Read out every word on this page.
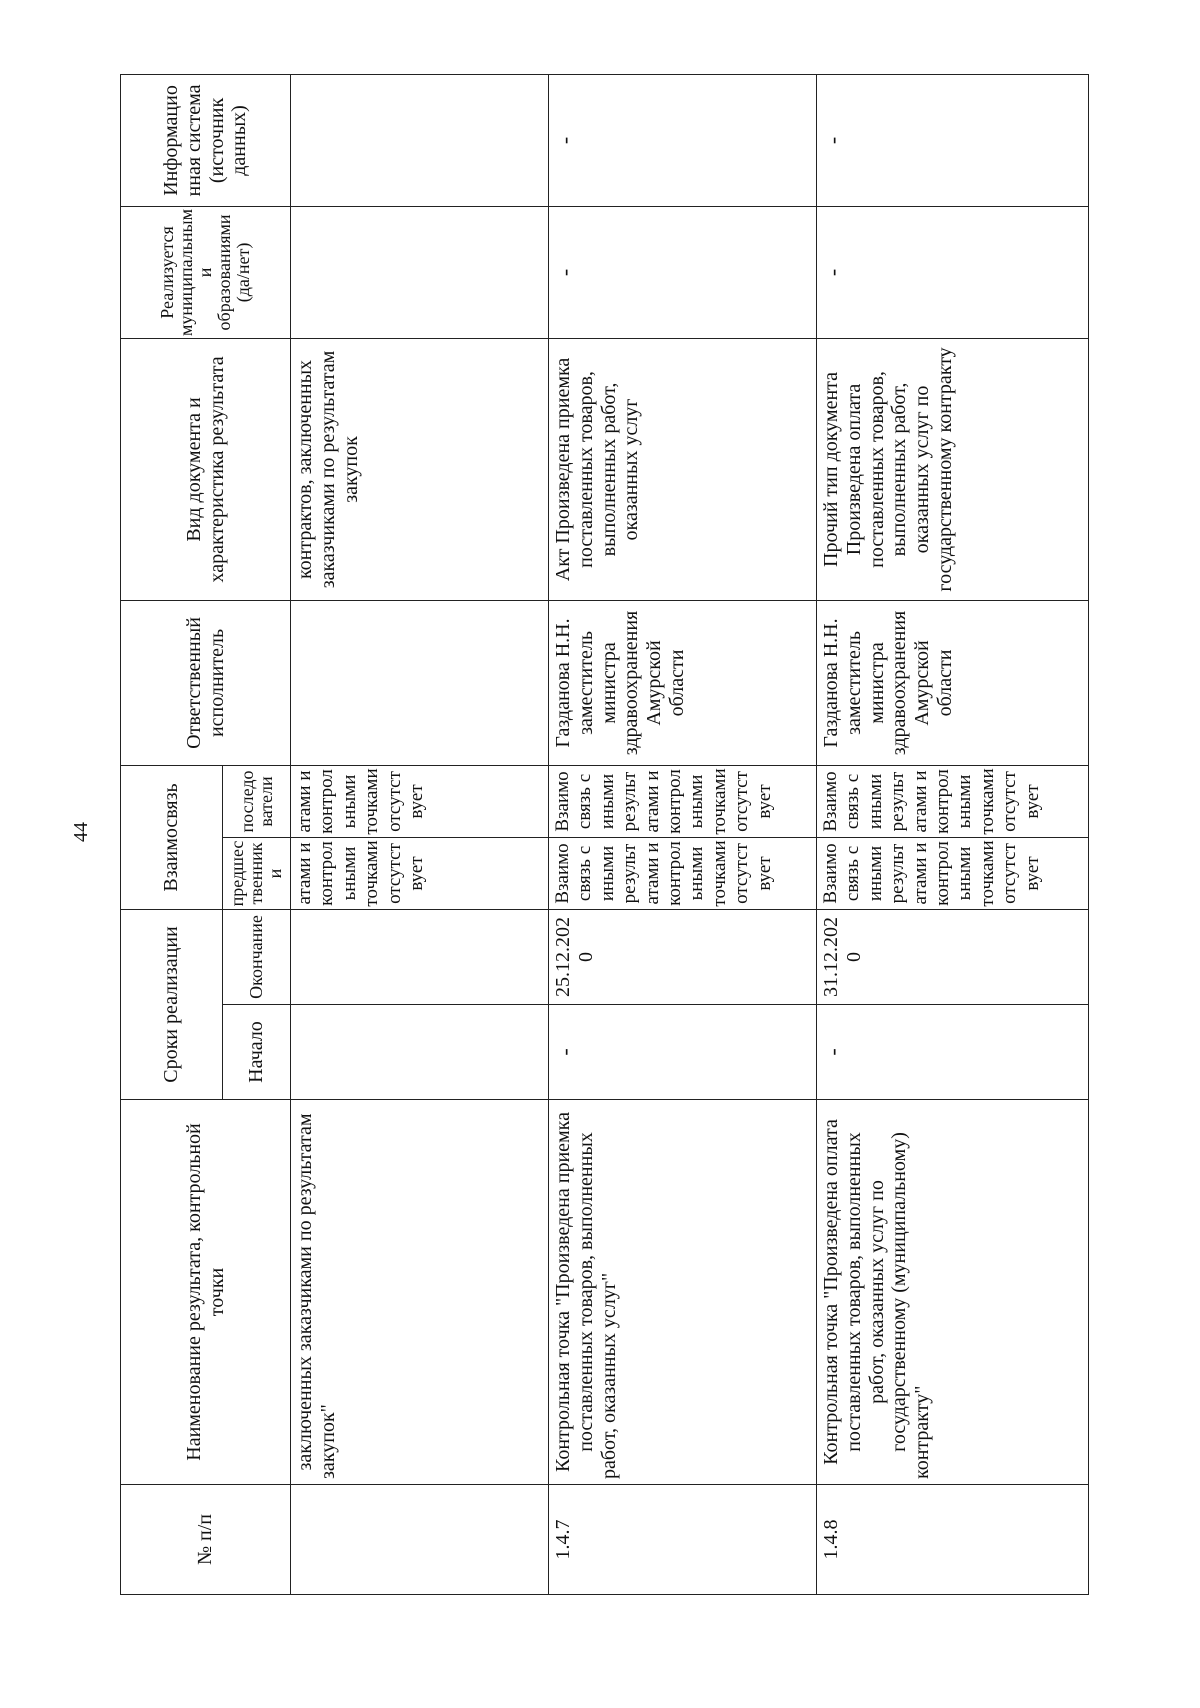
44
№ п/п	Наименование результата, контрольной точки	Сроки реализации		Взаимосвязь		Ответственный исполнитель	Вид документа и характеристика результата	Реализуется муниципальными образованиями (да/нет)	Информационная система (источник данных)
		Начало	Окончание	предшественники	последователи				
	заключенных заказчиками по результатам закупок"			атами и контрольными точками отсутствует	атами и контрольными точками отсутствует		контрактов, заключенных заказчиками по результатам закупок		
1.4.7	Контрольная точка "Произведена приемка поставленных товаров, выполненных работ, оказанных услуг"	-	25.12.2020	Взаимосвязь с иными результатами и контрольными точками отсутствует	Взаимосвязь с иными результатами и контрольными точками отсутствует	Газданова Н.Н. заместитель министра здравоохранения Амурской области	Акт Произведена приемка поставленных товаров, выполненных работ, оказанных услуг	-	-
1.4.8	Контрольная точка "Произведена оплата поставленных товаров, выполненных работ, оказанных услуг по государственному (муниципальному) контракту"	-	31.12.2020	Взаимосвязь с иными результатами и контрольными точками отсутствует	Взаимосвязь с иными результатами и контрольными точками отсутствует	Газданова Н.Н. заместитель министра здравоохранения Амурской области	Прочий тип документа Произведена оплата поставленных товаров, выполненных работ, оказанных услуг по государственному контракту	-	-
